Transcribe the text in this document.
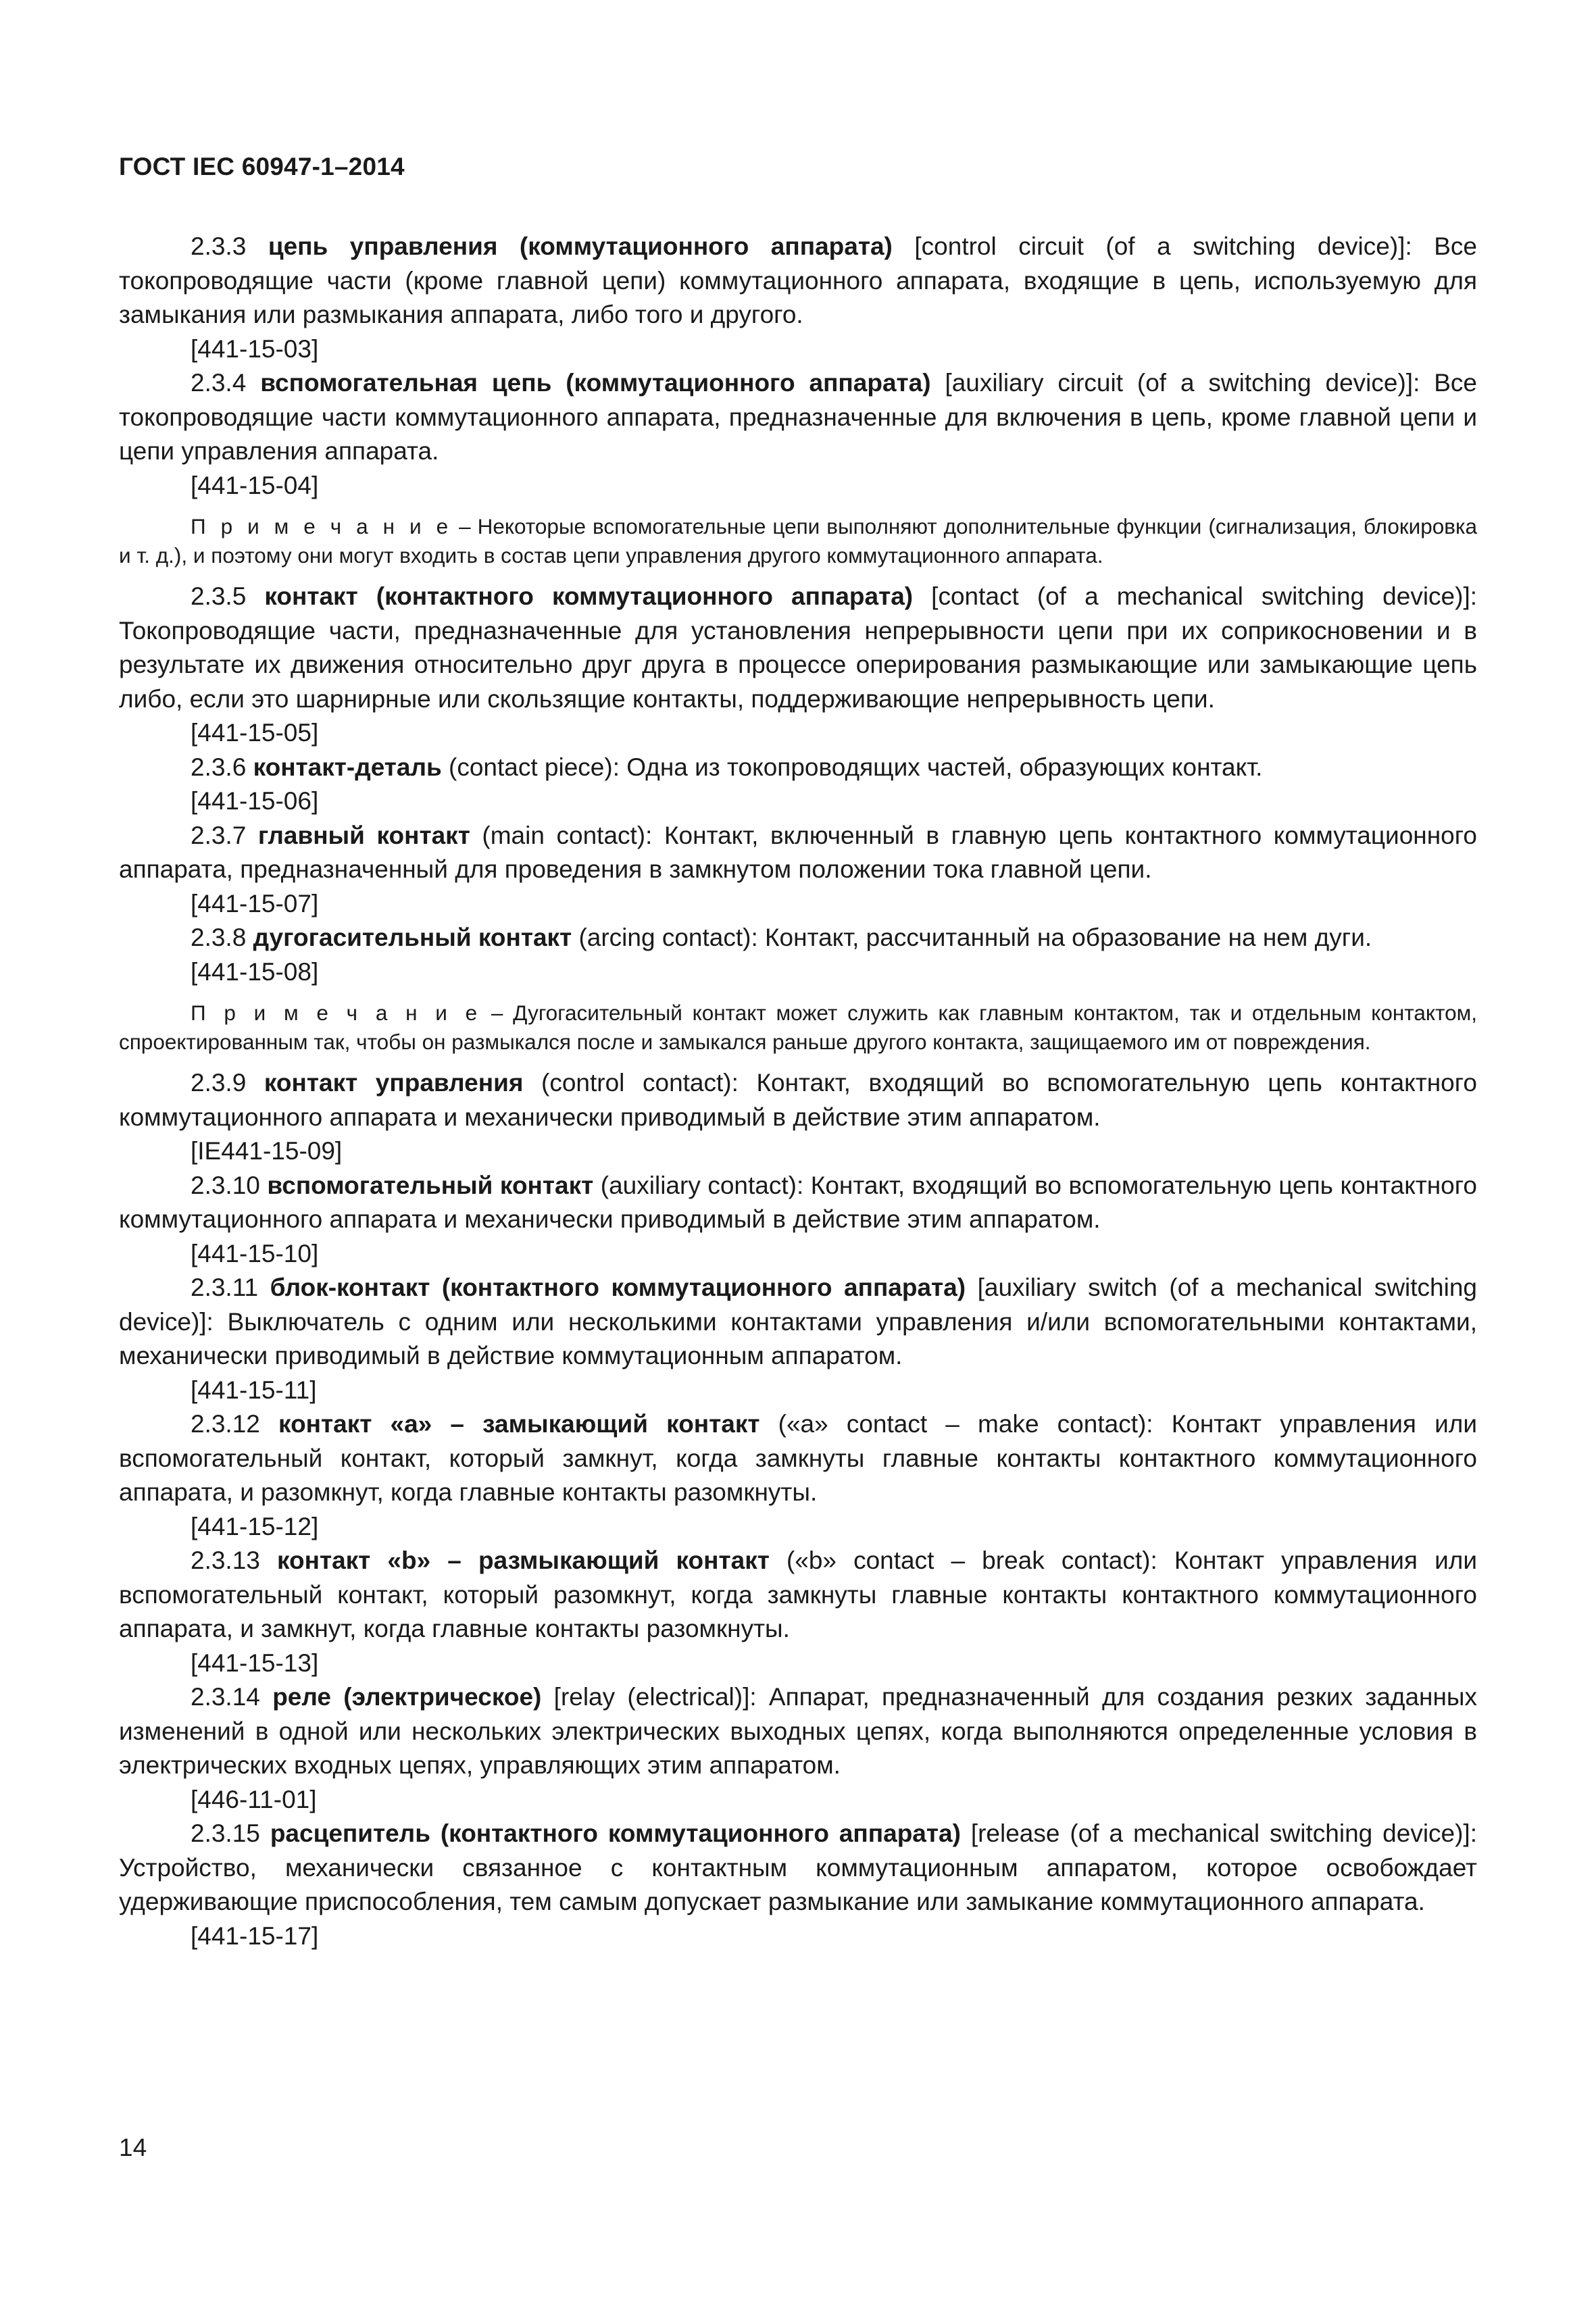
ГОСТ IEC 60947-1–2014

2.3.3 цепь управления (коммутационного аппарата) [control circuit (of a switching device)]: Все токопроводящие части (кроме главной цепи) коммутационного аппарата, входящие в цепь, используемую для замыкания или размыкания аппарата, либо того и другого.

[441-15-03]

2.3.4 вспомогательная цепь (коммутационного аппарата) [auxiliary circuit (of a switching device)]: Все токопроводящие части коммутационного аппарата, предназначенные для включения в цепь, кроме главной цепи и цепи управления аппарата.

[441-15-04]

П р и м е ч а н и е – Некоторые вспомогательные цепи выполняют дополнительные функции (сигнализация, блокировка и т. д.), и поэтому они могут входить в состав цепи управления другого коммутационного аппарата.

2.3.5 контакт (контактного коммутационного аппарата) [contact (of a mechanical switching device)]: Токопроводящие части, предназначенные для установления непрерывности цепи при их соприкосновении и в результате их движения относительно друг друга в процессе оперирования размыкающие или замыкающие цепь либо, если это шарнирные или скользящие контакты, поддерживающие непрерывность цепи.

[441-15-05]

2.3.6 контакт-деталь (contact piece): Одна из токопроводящих частей, образующих контакт.

[441-15-06]

2.3.7 главный контакт (main contact): Контакт, включенный в главную цепь контактного коммутационного аппарата, предназначенный для проведения в замкнутом положении тока главной цепи.

[441-15-07]

2.3.8 дугогасительный контакт (arcing contact): Контакт, рассчитанный на образование на нем дуги.

[441-15-08]

П р и м е ч а н и е – Дугогасительный контакт может служить как главным контактом, так и отдельным контактом, спроектированным так, чтобы он размыкался после и замыкался раньше другого контакта, защищаемого им от повреждения.

2.3.9 контакт управления (control contact): Контакт, входящий во вспомогательную цепь контактного коммутационного аппарата и механически приводимый в действие этим аппаратом.

[IE441-15-09]

2.3.10 вспомогательный контакт (auxiliary contact): Контакт, входящий во вспомогательную цепь контактного коммутационного аппарата и механически приводимый в действие этим аппаратом.

[441-15-10]

2.3.11 блок-контакт (контактного коммутационного аппарата) [auxiliary switch (of a mechanical switching device)]: Выключатель с одним или несколькими контактами управления и/или вспомогательными контактами, механически приводимый в действие коммутационным аппаратом.

[441-15-11]

2.3.12 контакт «а» – замыкающий контакт («а» contact – make contact): Контакт управления или вспомогательный контакт, который замкнут, когда замкнуты главные контакты контактного коммутационного аппарата, и разомкнут, когда главные контакты разомкнуты.

[441-15-12]

2.3.13 контакт «b» – размыкающий контакт («b» contact – break contact): Контакт управления или вспомогательный контакт, который разомкнут, когда замкнуты главные контакты контактного коммутационного аппарата, и замкнут, когда главные контакты разомкнуты.

[441-15-13]

2.3.14 реле (электрическое) [relay (electrical)]: Аппарат, предназначенный для создания резких заданных изменений в одной или нескольких электрических выходных цепях, когда выполняются определенные условия в электрических входных цепях, управляющих этим аппаратом.

[446-11-01]

2.3.15 расцепитель (контактного коммутационного аппарата) [release (of a mechanical switching device)]: Устройство, механически связанное с контактным коммутационным аппаратом, которое освобождает удерживающие приспособления, тем самым допускает размыкание или замыкание коммутационного аппарата.

[441-15-17]

14
